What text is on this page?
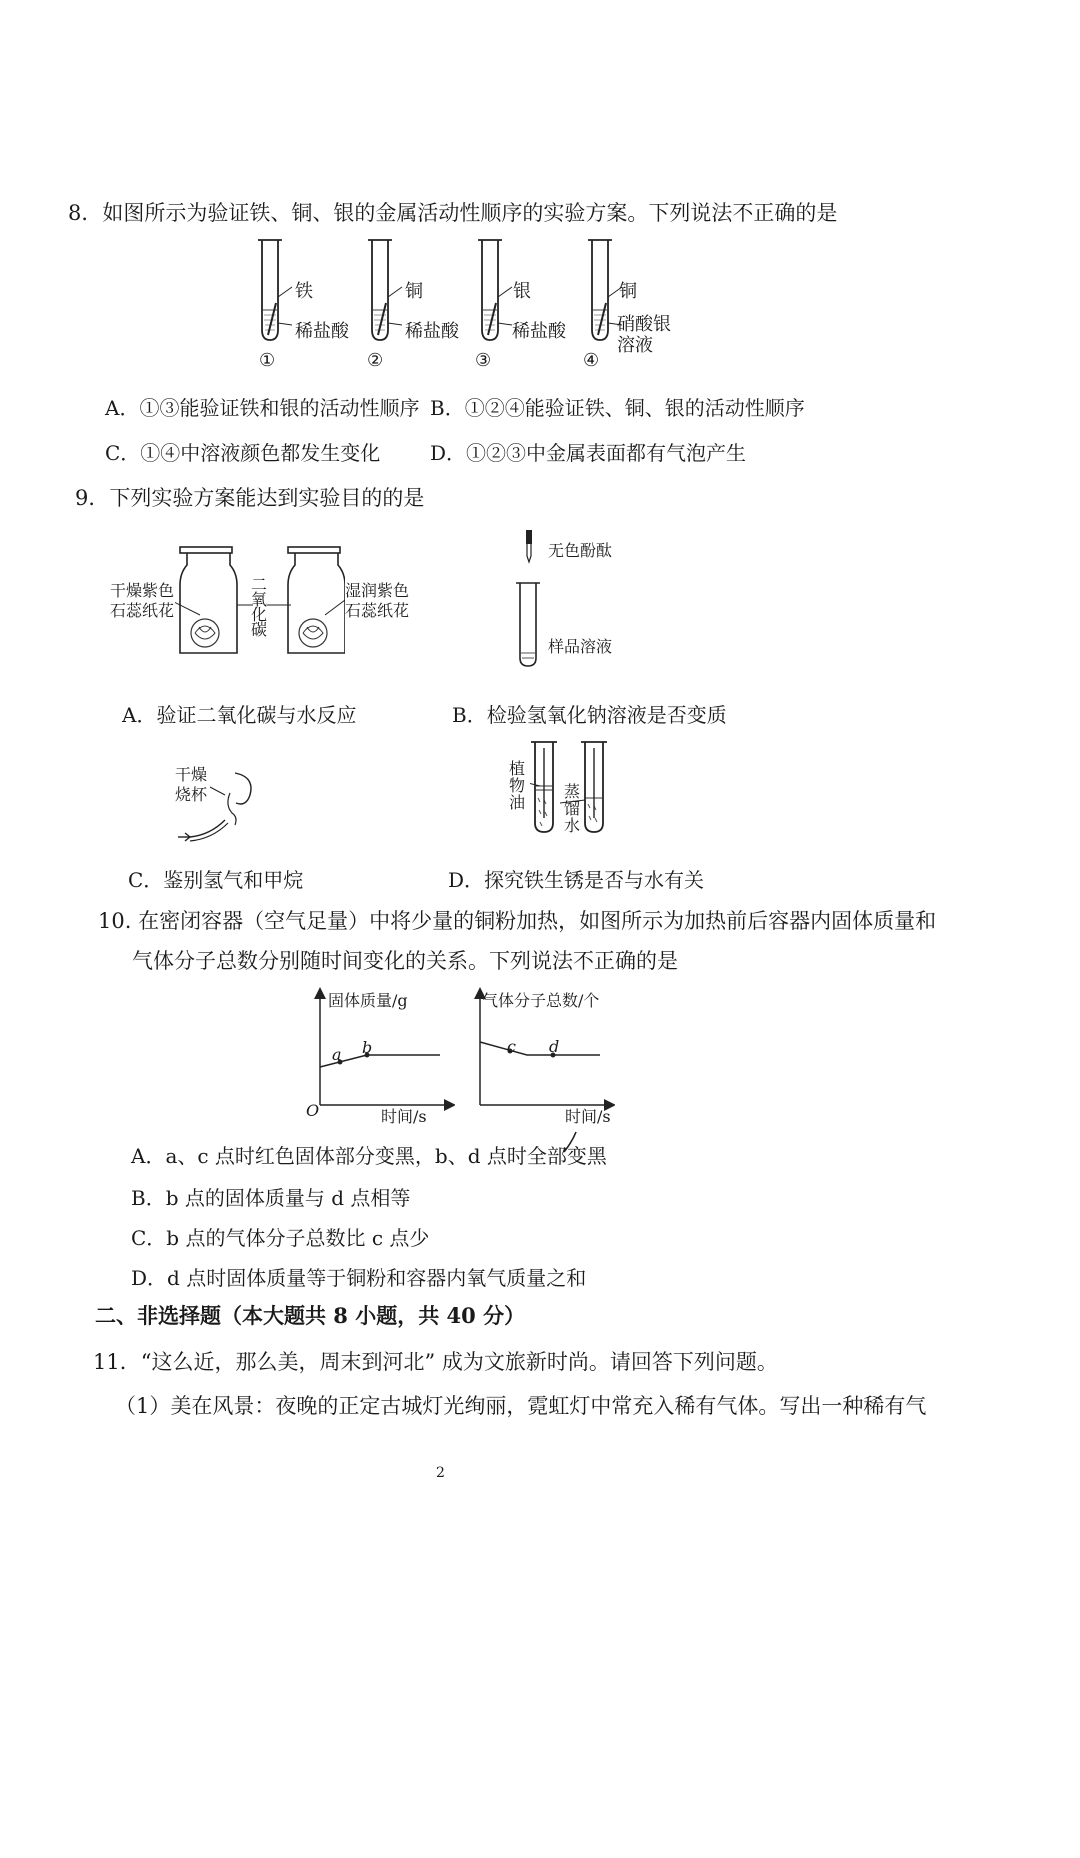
8．如图所示为验证铁、铜、银的金属活动性顺序的实验方案。下列说法不正确的是
铁
稀盐酸
①
铜
稀盐酸
②
银
稀盐酸
③
铜
硝酸银
溶液
④
A．①③能验证铁和银的活动性顺序 B．①②④能验证铁、铜、银的活动性顺序
C．①④中溶液颜色都发生变化 D．①②③中金属表面都有气泡产生
9．下列实验方案能达到实验目的的是
干燥紫色
石蕊纸花
二
氧
化
碳
湿润紫色
石蕊纸花
无色酚酞
样品溶液
A．验证二氧化碳与水反应	B．检验氢氧化钠溶液是否变质
干燥
烧杯
植
物
油
蒸
馏
水
C．鉴别氢气和甲烷	D．探究铁生锈是否与水有关
10. 在密闭容器（空气足量）中将少量的铜粉加热，如图所示为加热前后容器内固体质量和
气体分子总数分别随时间变化的关系。下列说法不正确的是
固体质量/g
时间/s
O
a b
气体分子总数/个
时间/s
c d
A．a、c 点时红色固体部分变黑，b、d 点时全部变黑
B．b 点的固体质量与 d 点相等
C．b 点的气体分子总数比 c 点少
D．d 点时固体质量等于铜粉和容器内氧气质量之和
二、非选择题（本大题共 8 小题，共 40 分）
11．“这么近，那么美，周末到河北” 成为文旅新时尚。请回答下列问题。
（1）美在风景：夜晚的正定古城灯光绚丽，霓虹灯中常充入稀有气体。写出一种稀有气
2
